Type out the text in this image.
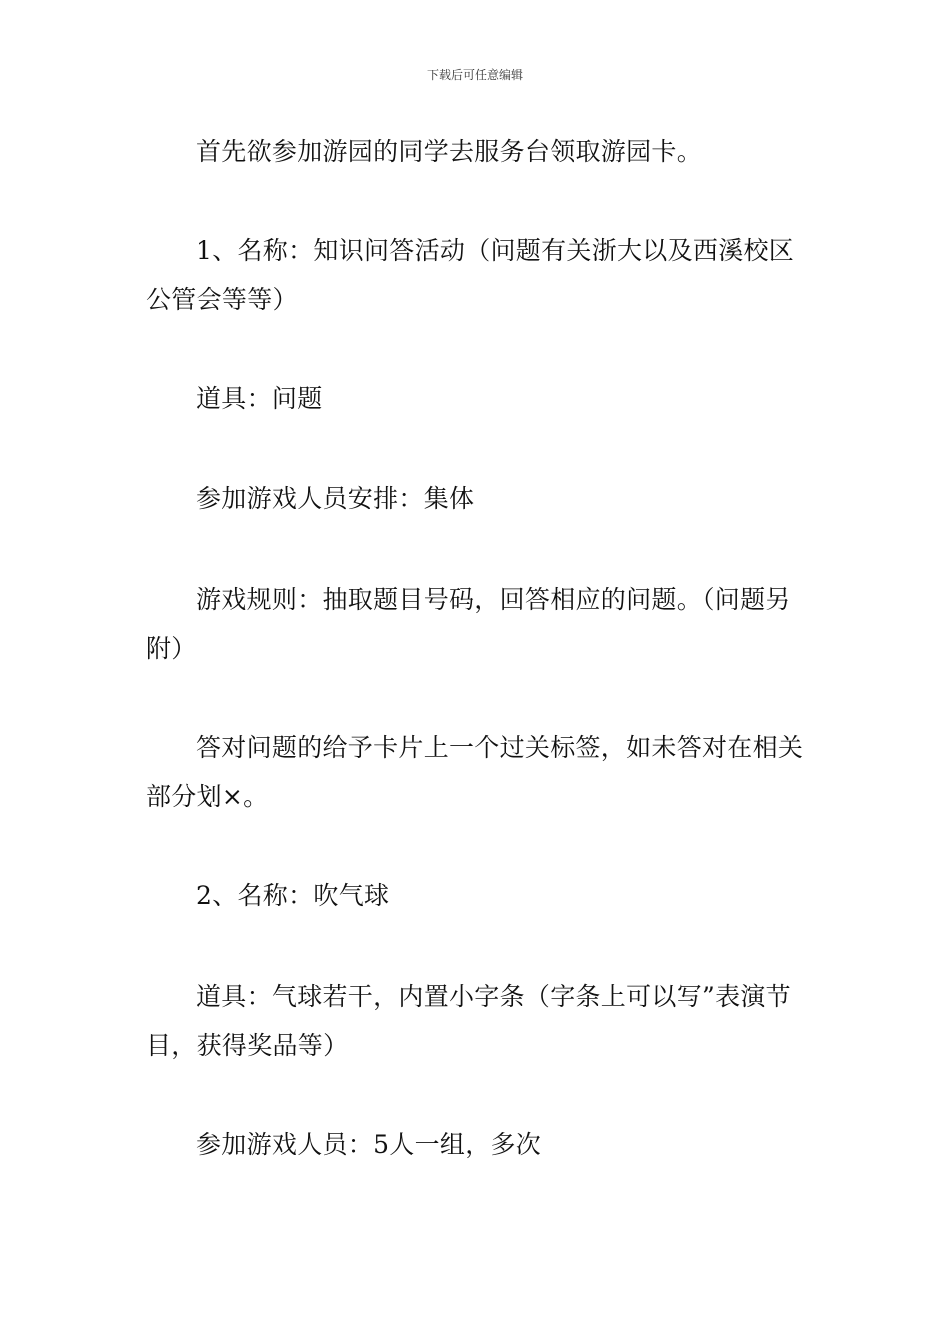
下载后可任意编辑

首先欲参加游园的同学去服务台领取游园卡。

1、名称：知识问答活动（问题有关浙大以及西溪校区公管会等等）

道具：问题

参加游戏人员安排：集体

游戏规则：抽取题目号码，回答相应的问题。（问题另附）

答对问题的给予卡片上一个过关标签，如未答对在相关部分划×。

2、名称：吹气球

道具：气球若干，内置小字条（字条上可以写”表演节目，获得奖品等）

参加游戏人员：5人一组，多次
